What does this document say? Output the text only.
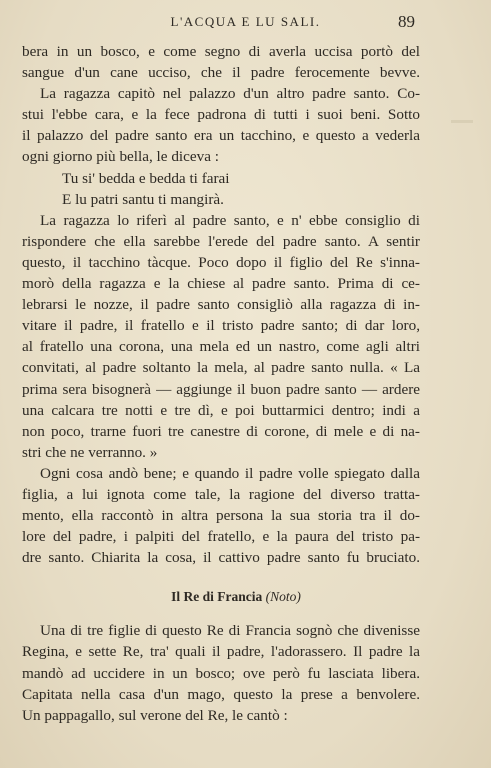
L'ACQUA E LU SALI.	89
bera in un bosco, e come segno di averla uccisa portò del
sangue d'un cane ucciso, che il padre ferocemente bevve.
La ragazza capitò nel palazzo d'un altro padre santo. Co-
stui l'ebbe cara, e la fece padrona di tutti i suoi beni. Sotto
il palazzo del padre santo era un tacchino, e questo a vederla
ogni giorno più bella, le diceva :
Tu si' bedda e bedda ti farai
E lu patri santu ti mangirà.
La ragazza lo riferì al padre santo, e n' ebbe consiglio di
rispondere che ella sarebbe l'erede del padre santo. A sentir
questo, il tacchino tàcque. Poco dopo il figlio del Re s'inna-
morò della ragazza e la chiese al padre santo. Prima di ce-
lebrarsi le nozze, il padre santo consigliò alla ragazza di in-
vitare il padre, il fratello e il tristo padre santo; di dar loro,
al fratello una corona, una mela ed un nastro, come agli altri
convitati, al padre soltanto la mela, al padre santo nulla. « La
prima sera bisognerà — aggiunge il buon padre santo — ardere
una calcara tre notti e tre dì, e poi buttarmici dentro; indi a
non poco, trarne fuori tre canestre di corone, di mele e di na-
stri che ne verranno. »
Ogni cosa andò bene; e quando il padre volle spiegato dalla
figlia, a lui ignota come tale, la ragione del diverso tratta-
mento, ella raccontò in altra persona la sua storia tra il do-
lore del padre, i palpiti del fratello, e la paura del tristo pa-
dre santo. Chiarita la cosa, il cattivo padre santo fu bruciato.
Il Re di Francia (Noto)
Una di tre figlie di questo Re di Francia sognò che divenisse
Regina, e sette Re, tra' quali il padre, l'adorassero. Il padre la
mandò ad uccidere in un bosco; ove però fu lasciata libera.
Capitata nella casa d'un mago, questo la prese a benvolere.
Un pappagallo, sul verone del Re, le cantò :
